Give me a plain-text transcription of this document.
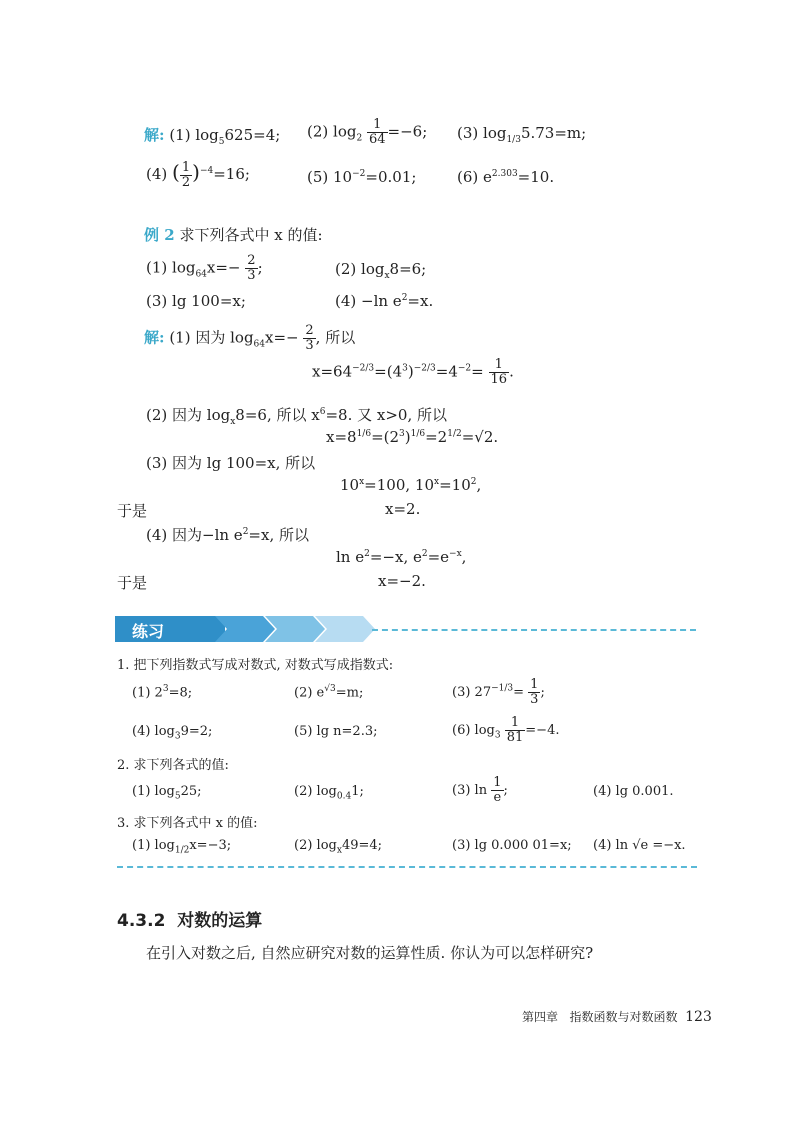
解: (1) $\log_5625=4$; (2) $\log_2 \frac{1}{64} =-6$; (3) $\log_{1/3}5.73=m$;
(4) ( $\frac{1}{2} )^{-4}=16$;	(5) $10^{-2}=0.01$;	(6) $e^{2.303}=10$.
例 2 求下列各式中 x 的值:
(1) $\log_{64}x=- \frac{2}{3}$ ;	(2) $\log_x8=6$;
(3) lg 100=x;	(4) −ln $e^2=x$.
解: (1) 因为 $\log_{64}x=- \frac{2}{3}$ , 所以
$x=64^{-2/3}=(4^3)^{-2/3}=4^{-2}= \frac{1}{16}$ .
(2) 因为 $\log_x8=6$, 所以 $x^6=8$. 又 x>0, 所以
$x=8^{1/6}=(2^3)^{1/6}=2^{1/2}=√2$.
(3) 因为 lg 100=x, 所以
$10^x=100$, $10^x=10^2$,
于是	x=2.
(4) 因为−ln $e^2=x$, 所以
$\ln e^2=-x$, $e^2=e^{-x}$,
于是	x=−2.
练习
1. 把下列指数式写成对数式, 对数式写成指数式:
(1) $2^3=8$;	(2) $e^{√3}=m$;	(3) $27^{-1/3}= \frac{1}{3}$ ;
(4) $\log_39=2$;	(5) lg n=2.3;	(6) $\log_3 \frac{1}{81} =-4$.
2. 求下列各式的值:
(1) $\log_525$;	(2) $\log_{0.4}1$;	(3) $\ln \frac{1}{e}$ ;	(4) lg 0.001.
3. 求下列各式中 x 的值:
(1) $\log_{1/2}x=-3$;	(2) $\log_x49=4$;	(3) lg 0.000 01=x; (4) ln √e =−x.
4.3.2 对数的运算
在引入对数之后, 自然应研究对数的运算性质. 你认为可以怎样研究?
第四章 指数函数与对数函数 123
